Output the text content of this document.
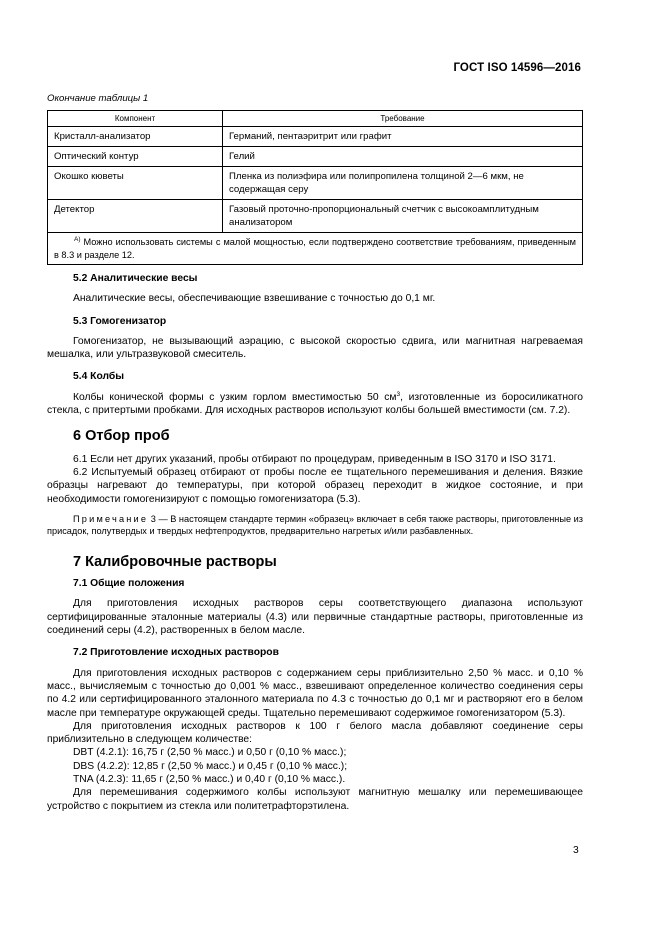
ГОСТ ISO 14596—2016
Окончание таблицы 1
Компонент	Требование
Кристалл-анализатор	Германий, пентаэритрит или графит
Оптический контур	Гелий
Окошко кюветы	Пленка из полиэфира или полипропилена толщиной 2—6 мкм, не содержащая серу
Детектор	Газовый проточно-пропорциональный счетчик с высокоамплитудным анализатором
$^{А)}$ Можно использовать системы с малой мощностью, если подтверждено соответствие требованиям, приведенным в 8.3 и разделе 12.	
5.2 Аналитические весы

Аналитические весы, обеспечивающие взвешивание с точностью до 0,1 мг.

5.3 Гомогенизатор

Гомогенизатор, не вызывающий аэрацию, с высокой скоростью сдвига, или магнитная нагреваемая мешалка, или ультразвуковой смеситель.

5.4 Колбы

Колбы конической формы с узким горлом вместимостью 50 $см^3$, изготовленные из боросиликатного стекла, с притертыми пробками. Для исходных растворов используют колбы большей вместимости (см. 7.2).

6 Отбор проб

6.1 Если нет других указаний, пробы отбирают по процедурам, приведенным в ISO 3170 и ISO 3171.

6.2 Испытуемый образец отбирают от пробы после ее тщательного перемешивания и деления. Вязкие образцы нагревают до температуры, при которой образец переходит в жидкое состояние, и при необходимости гомогенизируют с помощью гомогенизатора (5.3).

Примечание 3 — В настоящем стандарте термин «образец» включает в себя также растворы, приготовленные из присадок, полутвердых и твердых нефтепродуктов, предварительно нагретых и/или разбавленных.

7 Калибровочные растворы
7.1 Общие положения

Для приготовления исходных растворов серы соответствующего диапазона используют сертифицированные эталонные материалы (4.3) или первичные стандартные растворы, приготовленные из соединений серы (4.2), растворенных в белом масле.

7.2 Приготовление исходных растворов

Для приготовления исходных растворов с содержанием серы приблизительно 2,50 % масс. и 0,10 % масс., вычисляемым с точностью до 0,001 % масс., взвешивают определенное количество соединения серы по 4.2 или сертифицированного эталонного материала по 4.3 с точностью до 0,1 мг и растворяют его в белом масле при температуре окружающей среды. Тщательно перемешивают содержимое гомогенизатором (5.3).

Для приготовления исходных растворов к 100 г белого масла добавляют соединение серы приблизительно в следующем количестве:

DBT (4.2.1): 16,75 г (2,50 % масс.) и 0,50 г (0,10 % масс.);

DBS (4.2.2): 12,85 г (2,50 % масс.) и 0,45 г (0,10 % масс.);

TNA (4.2.3): 11,65 г (2,50 % масс.) и 0,40 г (0,10 % масс.).

Для перемешивания содержимого колбы используют магнитную мешалку или перемешивающее устройство с покрытием из стекла или политетрафторэтилена.

3
